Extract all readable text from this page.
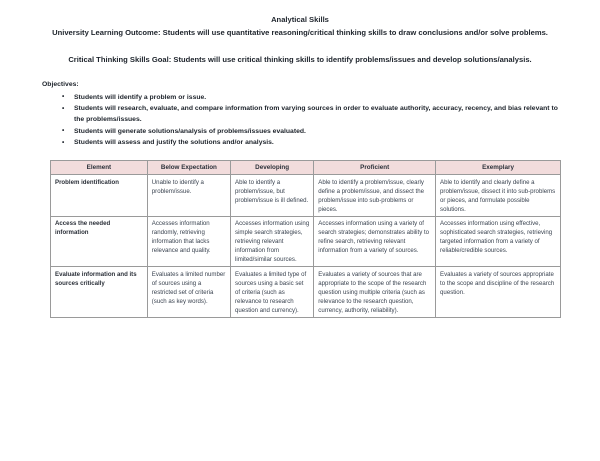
Analytical Skills
University Learning Outcome: Students will use quantitative reasoning/critical thinking skills to draw conclusions and/or solve problems.
Critical Thinking Skills Goal: Students will use critical thinking skills to identify problems/issues and develop solutions/analysis.
Objectives:
• Students will identify a problem or issue.
• Students will research, evaluate, and compare information from varying sources in order to evaluate authority, accuracy, recency, and bias relevant to the problems/issues.
• Students will generate solutions/analysis of problems/issues evaluated.
• Students will assess and justify the solutions and/or analysis.
Element	Below Expectation	Developing	Proficient	Exemplary
Problem identification	Unable to identify a problem/issue.	Able to identify a problem/issue, but problem/issue is ill defined.	Able to identify a problem/issue, clearly define a problem/issue, and dissect the problem/issue into sub-problems or pieces.	Able to identify and clearly define a problem/issue, dissect it into sub-problems or pieces, and formulate possible solutions.
Access the needed information	Accesses information randomly, retrieving information that lacks relevance and quality.	Accesses information using simple search strategies, retrieving relevant information from limited/similar sources.	Accesses information using a variety of search strategies; demonstrates ability to refine search, retrieving relevant information from a variety of sources.	Accesses information using effective, sophisticated search strategies, retrieving targeted information from a variety of reliable/credible sources.
Evaluate information and its sources critically	Evaluates a limited number of sources using a restricted set of criteria (such as key words).	Evaluates a limited type of sources using a basic set of criteria (such as relevance to research question and currency).	Evaluates a variety of sources that are appropriate to the scope of the research question using multiple criteria (such as relevance to the research question, currency, authority, reliability).	Evaluates a variety of sources appropriate to the scope and discipline of the research question.
